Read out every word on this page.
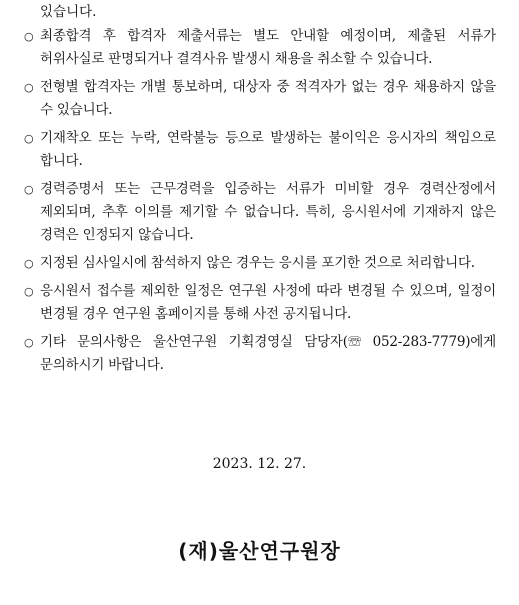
있습니다.
○ 최종합격 후 합격자 제출서류는 별도 안내할 예정이며, 제출된 서류가 허위사실로 판명되거나 결격사유 발생시 채용을 취소할 수 있습니다.
○ 전형별 합격자는 개별 통보하며, 대상자 중 적격자가 없는 경우 채용하지 않을 수 있습니다.
○ 기재착오 또는 누락, 연락불능 등으로 발생하는 불이익은 응시자의 책임으로 합니다.
○ 경력증명서 또는 근무경력을 입증하는 서류가 미비할 경우 경력산정에서 제외되며, 추후 이의를 제기할 수 없습니다. 특히, 응시원서에 기재하지 않은 경력은 인정되지 않습니다.
○ 지정된 심사일시에 참석하지 않은 경우는 응시를 포기한 것으로 처리합니다.
○ 응시원서 접수를 제외한 일정은 연구원 사정에 따라 변경될 수 있으며, 일정이 변경될 경우 연구원 홈페이지를 통해 사전 공지됩니다.
○ 기타 문의사항은 울산연구원 기획경영실 담당자(☏ 052-283-7779)에게 문의하시기 바랍니다.
2023. 12. 27.
(재)울산연구원장
